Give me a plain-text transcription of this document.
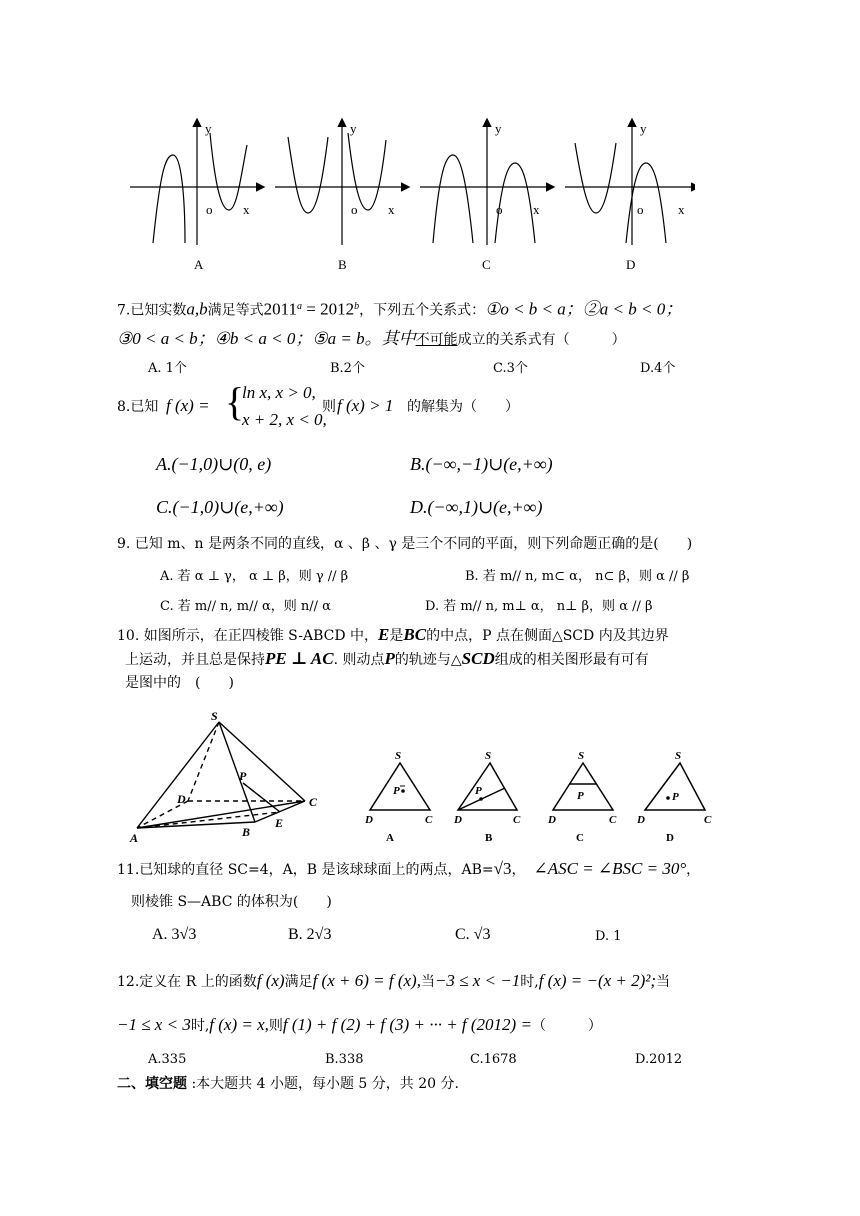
y
o x
y
o x
y
o x
y
o	x
A	B	C	D
7.已知实数a,b满足等式$2011^a = 2012^b$，下列五个关系式：①o < b < a；②a < b < 0；
③0 < a < b；④b < a < 0；⑤a = b。其中不可能成立的关系式有（　　　）
A. 1个	B.2个	C.3个	D.4个
8.已知 f (x) = {
ln x, x > 0,
x + 2, x < 0,
则 f (x) > 1 的解集为（　　）
A.(−1,0)∪(0, e)	B.(−∞,−1)∪(e,+∞)
C.(−1,0)∪(e,+∞)	D.(−∞,1)∪(e,+∞)
9. 已知 m、n 是两条不同的直线，α 、β 、γ 是三个不同的平面，则下列命题正确的是(　　)
A. 若 α ⊥ γ， α ⊥ β，则 γ // β	B. 若 m// n, m⊂ α， n⊂ β，则 α // β
C. 若 m// n, m// α，则 n// α	D. 若 m// n, m⊥ α， n⊥ β，则 α // β
10. 如图所示，在正四棱锥 S-ABCD 中，E是BC的中点，P 点在侧面△SCD 内及其边界
上运动，并且总是保持PE ⊥ AC. 则动点P的轨迹与△SCD组成的相关图形最有可有
是图中的　(　　)
S
D
P
C
A	B
E
S
P
D	C
S
P
D	C
S
P
D	C
S
P
D	C
A	B	C	D
11.已知球的直径 SC=4，A，B 是该球球面上的两点，AB=√3， ∠ASC = ∠BSC = 30°，
则棱锥 S—ABC 的体积为(　　)
A. 3√3	B. 2√3	C. √3	D. 1
12.定义在 R 上的函数f (x)满足f (x + 6) = f (x),当−3 ≤ x < −1时,f (x) = −(x + 2)²;当
−1 ≤ x < 3时,f (x) = x,则f (1) + f (2) + f (3) + ··· + f (2012) =（　　　）
A.335	B.338	C.1678	D.2012
二、填空题 :本大题共 4 小题，每小题 5 分，共 20 分.
